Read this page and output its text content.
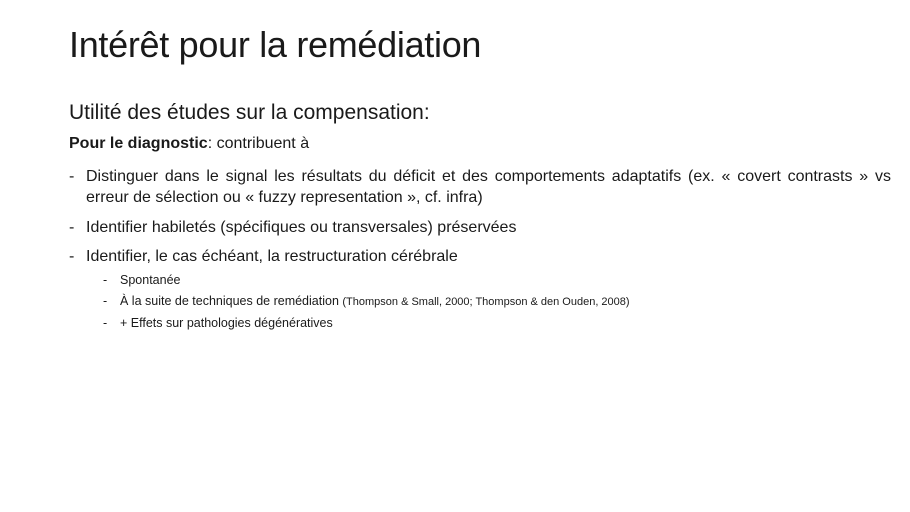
Intérêt pour la remédiation
Utilité des études sur la compensation:
Pour le diagnostic: contribuent à
- Distinguer dans le signal les résultats du déficit et des comportements adaptatifs (ex. « covert contrasts » vs erreur de sélection ou « fuzzy representation », cf. infra)
- Identifier habiletés (spécifiques ou transversales) préservées
- Identifier, le cas échéant, la restructuration cérébrale
- Spontanée
- À la suite de techniques de remédiation (Thompson & Small, 2000; Thompson & den Ouden, 2008)
- + Effets sur pathologies dégénératives
